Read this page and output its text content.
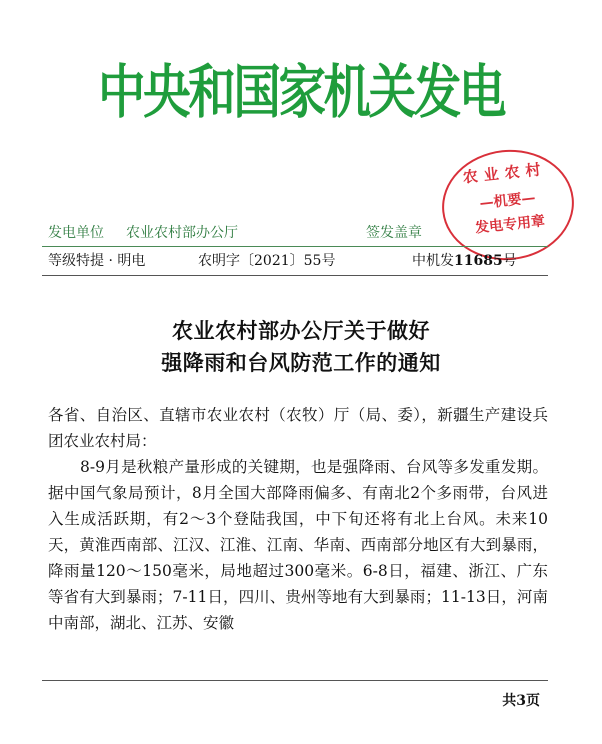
中央和国家机关发电
农业农村
—机要—
发电专用章
发电单位 农业农村部办公厅	签发盖章
等级特提 · 明电	农明字〔2021〕55号	中机发11685号
农业农村部办公厅关于做好
强降雨和台风防范工作的通知

各省、自治区、直辖市农业农村（农牧）厅（局、委），新疆生产建设兵团农业农村局：

8-9月是秋粮产量形成的关键期，也是强降雨、台风等多发重发期。据中国气象局预计，8月全国大部降雨偏多、有南北2个多雨带，台风进入生成活跃期，有2～3个登陆我国，中下旬还将有北上台风。未来10天，黄淮西南部、江汉、江淮、江南、华南、西南部分地区有大到暴雨，降雨量120～150毫米，局地超过300毫米。6-8日，福建、浙江、广东等省有大到暴雨；7-11日，四川、贵州等地有大到暴雨；11-13日，河南中南部，湖北、江苏、安徽

共3页
